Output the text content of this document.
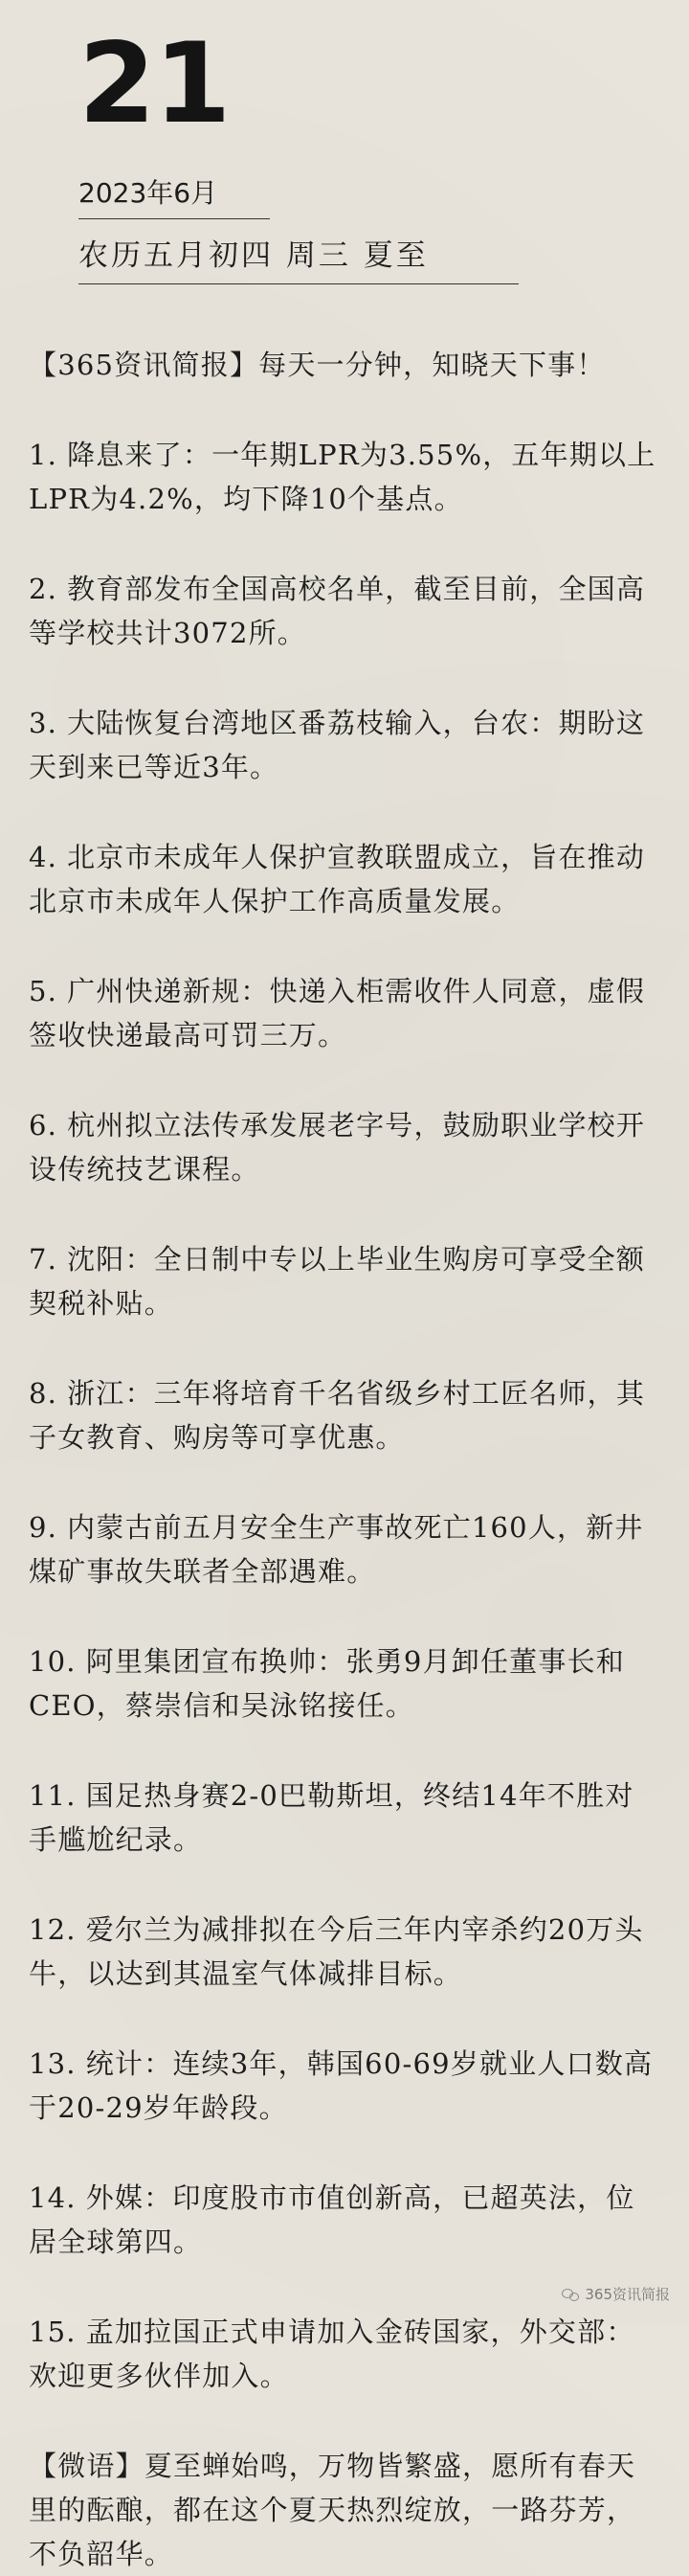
21
2023年6月
农历五月初四 周三 夏至

【365资讯简报】每天一分钟，知晓天下事！

1. 降息来了：一年期LPR为3.55%，五年期以上LPR为4.2%，均下降10个基点。
2. 教育部发布全国高校名单，截至目前，全国高等学校共计3072所。
3. 大陆恢复台湾地区番荔枝输入，台农：期盼这天到来已等近3年。
4. 北京市未成年人保护宣教联盟成立，旨在推动北京市未成年人保护工作高质量发展。
5. 广州快递新规：快递入柜需收件人同意，虚假签收快递最高可罚三万。
6. 杭州拟立法传承发展老字号，鼓励职业学校开设传统技艺课程。
7. 沈阳：全日制中专以上毕业生购房可享受全额契税补贴。
8. 浙江：三年将培育千名省级乡村工匠名师，其子女教育、购房等可享优惠。
9. 内蒙古前五月安全生产事故死亡160人，新井煤矿事故失联者全部遇难。
10. 阿里集团宣布换帅：张勇9月卸任董事长和CEO，蔡崇信和吴泳铭接任。
11. 国足热身赛2-0巴勒斯坦，终结14年不胜对手尴尬纪录。
12. 爱尔兰为减排拟在今后三年内宰杀约20万头牛，以达到其温室气体减排目标。
13. 统计：连续3年，韩国60-69岁就业人口数高于20-29岁年龄段。
14. 外媒：印度股市市值创新高，已超英法，位居全球第四。
15. 孟加拉国正式申请加入金砖国家，外交部：欢迎更多伙伴加入。

【微语】夏至蝉始鸣，万物皆繁盛，愿所有春天里的酝酿，都在这个夏天热烈绽放，一路芬芳，不负韶华。

365资讯简报
